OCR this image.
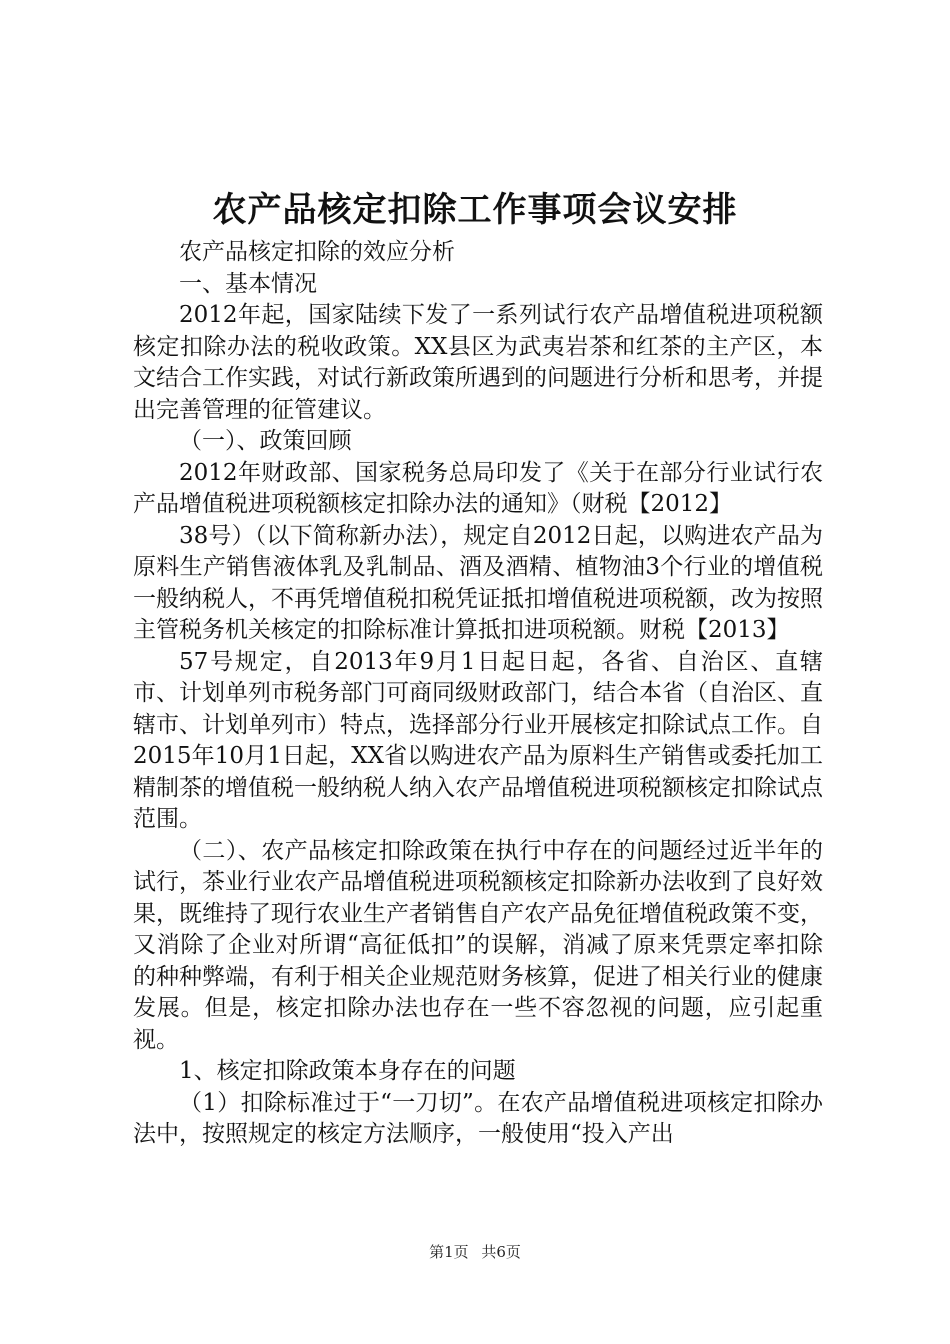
农产品核定扣除工作事项会议安排

农产品核定扣除的效应分析

一、基本情况

2012年起，国家陆续下发了一系列试行农产品增值税进项税额核定扣除办法的税收政策。XX县区为武夷岩茶和红茶的主产区，本文结合工作实践，对试行新政策所遇到的问题进行分析和思考，并提出完善管理的征管建议。

（一）、政策回顾

2012年财政部、国家税务总局印发了《关于在部分行业试行农产品增值税进项税额核定扣除办法的通知》（财税【2012】

38号）（以下简称新办法），规定自2012日起，以购进农产品为原料生产销售液体乳及乳制品、酒及酒精、植物油3个行业的增值税一般纳税人，不再凭增值税扣税凭证抵扣增值税进项税额，改为按照主管税务机关核定的扣除标准计算抵扣进项税额。财税【2013】

57号规定，自2013年9月1日起日起，各省、自治区、直辖市、计划单列市税务部门可商同级财政部门，结合本省（自治区、直辖市、计划单列市）特点，选择部分行业开展核定扣除试点工作。自2015年10月1日起，XX省以购进农产品为原料生产销售或委托加工精制茶的增值税一般纳税人纳入农产品增值税进项税额核定扣除试点范围。

（二）、农产品核定扣除政策在执行中存在的问题经过近半年的试行，茶业行业农产品增值税进项税额核定扣除新办法收到了良好效果，既维持了现行农业生产者销售自产农产品免征增值税政策不变，又消除了企业对所谓“高征低扣”的误解，消减了原来凭票定率扣除的种种弊端，有利于相关企业规范财务核算，促进了相关行业的健康发展。但是，核定扣除办法也存在一些不容忽视的问题，应引起重视。

1、核定扣除政策本身存在的问题

（1）扣除标准过于“一刀切”。在农产品增值税进项核定扣除办法中，按照规定的核定方法顺序，一般使用“投入产出

第1页 共6页
